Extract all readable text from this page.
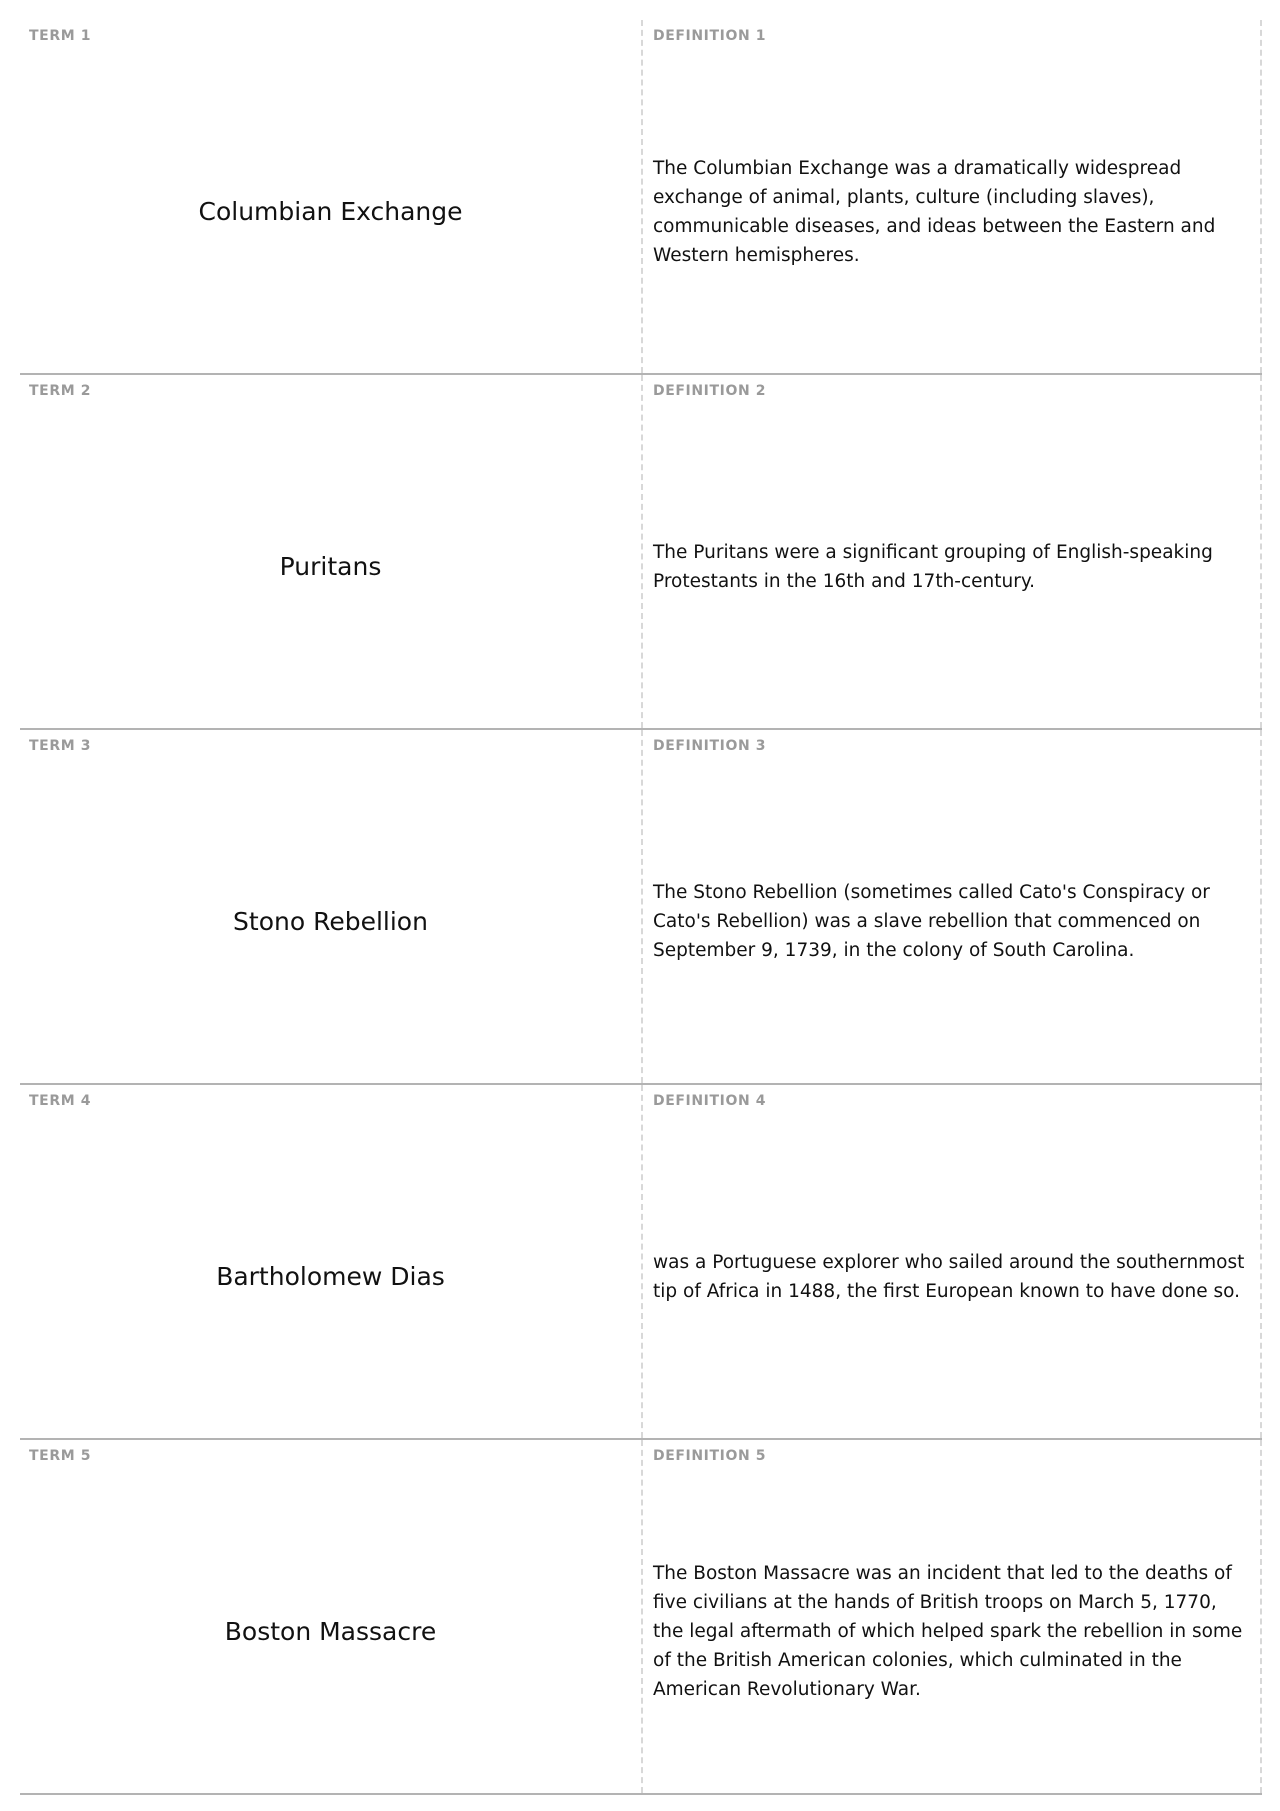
TERM 1
Columbian Exchange
DEFINITION 1
The Columbian Exchange was a dramatically widespread exchange of animal, plants, culture (including slaves), communicable diseases, and ideas between the Eastern and Western hemispheres.
TERM 2
Puritans
DEFINITION 2
The Puritans were a significant grouping of English-speaking Protestants in the 16th and 17th-century.
TERM 3
Stono Rebellion
DEFINITION 3
The Stono Rebellion (sometimes called Cato's Conspiracy or Cato's Rebellion) was a slave rebellion that commenced on September 9, 1739, in the colony of South Carolina.
TERM 4
Bartholomew Dias
DEFINITION 4
was a Portuguese explorer who sailed around the southernmost tip of Africa in 1488, the first European known to have done so.
TERM 5
Boston Massacre
DEFINITION 5
The Boston Massacre was an incident that led to the deaths of five civilians at the hands of British troops on March 5, 1770, the legal aftermath of which helped spark the rebellion in some of the British American colonies, which culminated in the American Revolutionary War.
